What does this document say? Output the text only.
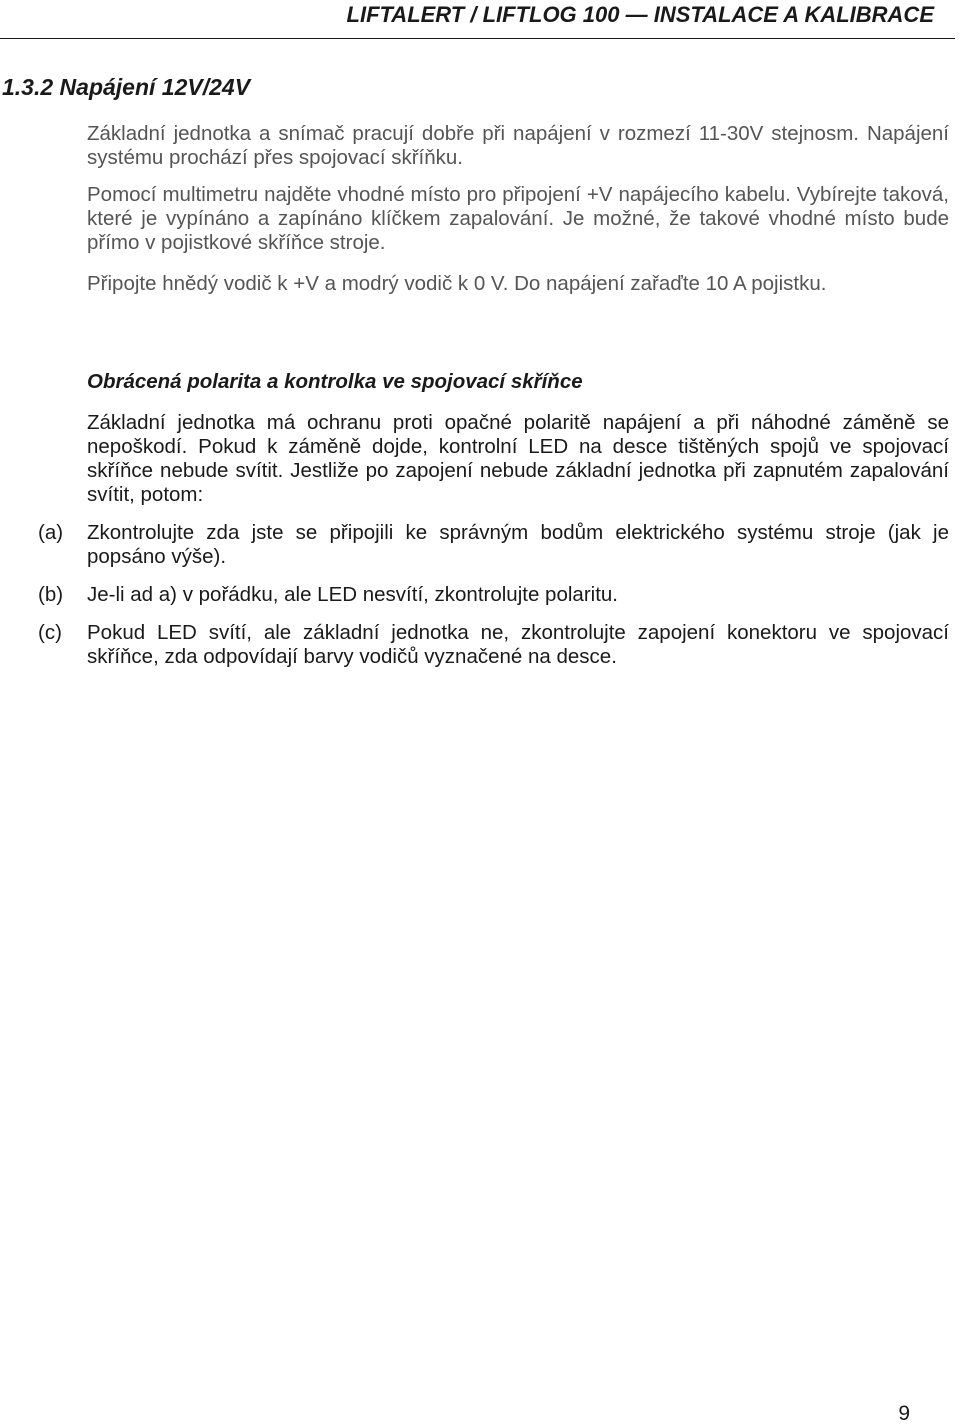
LIFTALERT / LIFTLOG 100 — INSTALACE A KALIBRACE
1.3.2 Napájení 12V/24V

Základní jednotka a snímač pracují dobře při napájení v rozmezí 11-30V stejnosm. Napájení systému prochází přes spojovací skříňku.

Pomocí multimetru najděte vhodné místo pro připojení +V napájecího kabelu. Vybírejte taková, které je vypínáno a zapínáno klíčkem zapalování. Je možné, že takové vhodné místo bude přímo v pojistkové skříňce stroje.

Připojte hnědý vodič k +V a modrý vodič k 0 V. Do napájení zařaďte 10 A pojistku.

Obrácená polarita a kontrolka ve spojovací skříňce

Základní jednotka má ochranu proti opačné polaritě napájení a při náhodné záměně se nepoškodí. Pokud k záměně dojde, kontrolní LED na desce tištěných spojů ve spojovací skříňce nebude svítit. Jestliže po zapojení nebude základní jednotka při zapnutém zapalování svítit, potom:

(a) Zkontrolujte zda jste se připojili ke správným bodům elektrického systému stroje (jak je popsáno výše).

(b) Je-li ad a) v pořádku, ale LED nesvítí, zkontrolujte polaritu.

(c) Pokud LED svítí, ale základní jednotka ne, zkontrolujte zapojení konektoru ve spojovací skříňce, zda odpovídají barvy vodičů vyznačené na desce.

9
